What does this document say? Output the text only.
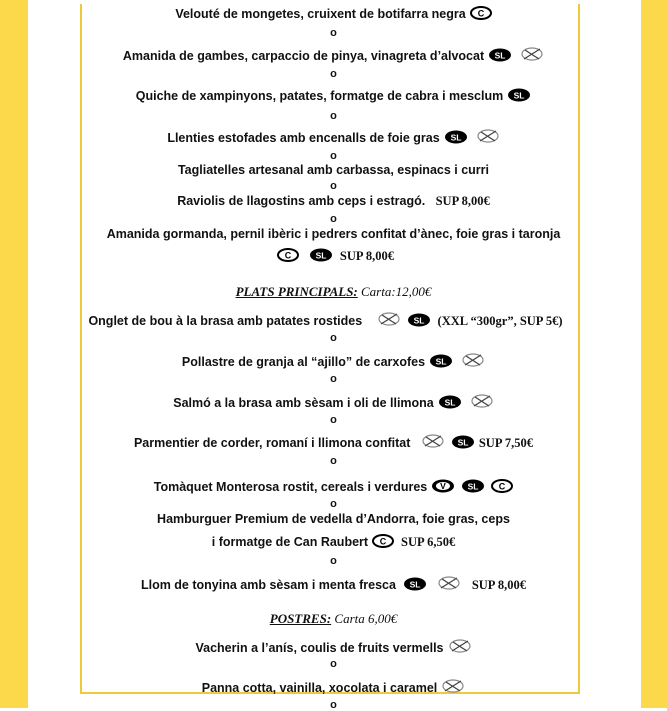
Velouté de mongetes, cruixent de botifarra negra C
o
Amanida de gambes, carpaccio de pinya, vinagreta d’alvocat SL
o
Quiche de xampinyons, patates, formatge de cabra i mesclum SL
o
Llenties estofades amb encenalls de foie gras SL
o
Tagliatelles artesanal amb carbassa, espinacs i curri
o
Raviolis de llagostins amb ceps i estragó. SUP 8,00€
o
Amanida gormanda, pernil ibèric i pedrers confitat d’ànec, foie gras i taronja
C	SL SUP 8,00€
PLATS PRINCIPALS: Carta:12,00€
Onglet de bou à la brasa amb patates rostides	SL (XXL “300gr”, SUP 5€)
o
Pollastre de granja al “ajillo” de carxofes SL
o
Salmó a la brasa amb sèsam i oli de llimona SL
o
Parmentier de corder, romaní i llimona confitat	SL SUP 7,50€
o
Tomàquet Monterosa rostit, cereals i verdures V	SL C
o
Hamburguer Premium de vedella d’Andorra, foie gras, ceps
i formatge de Can Raubert C SUP 6,50€
o
Llom de tonyina amb sèsam i menta fresca SL	SUP 8,00€
POSTRES: Carta 6,00€
Vacherin a l’anís, coulis de fruits vermells
o
Panna cotta, vainilla, xocolata i caramel
o
